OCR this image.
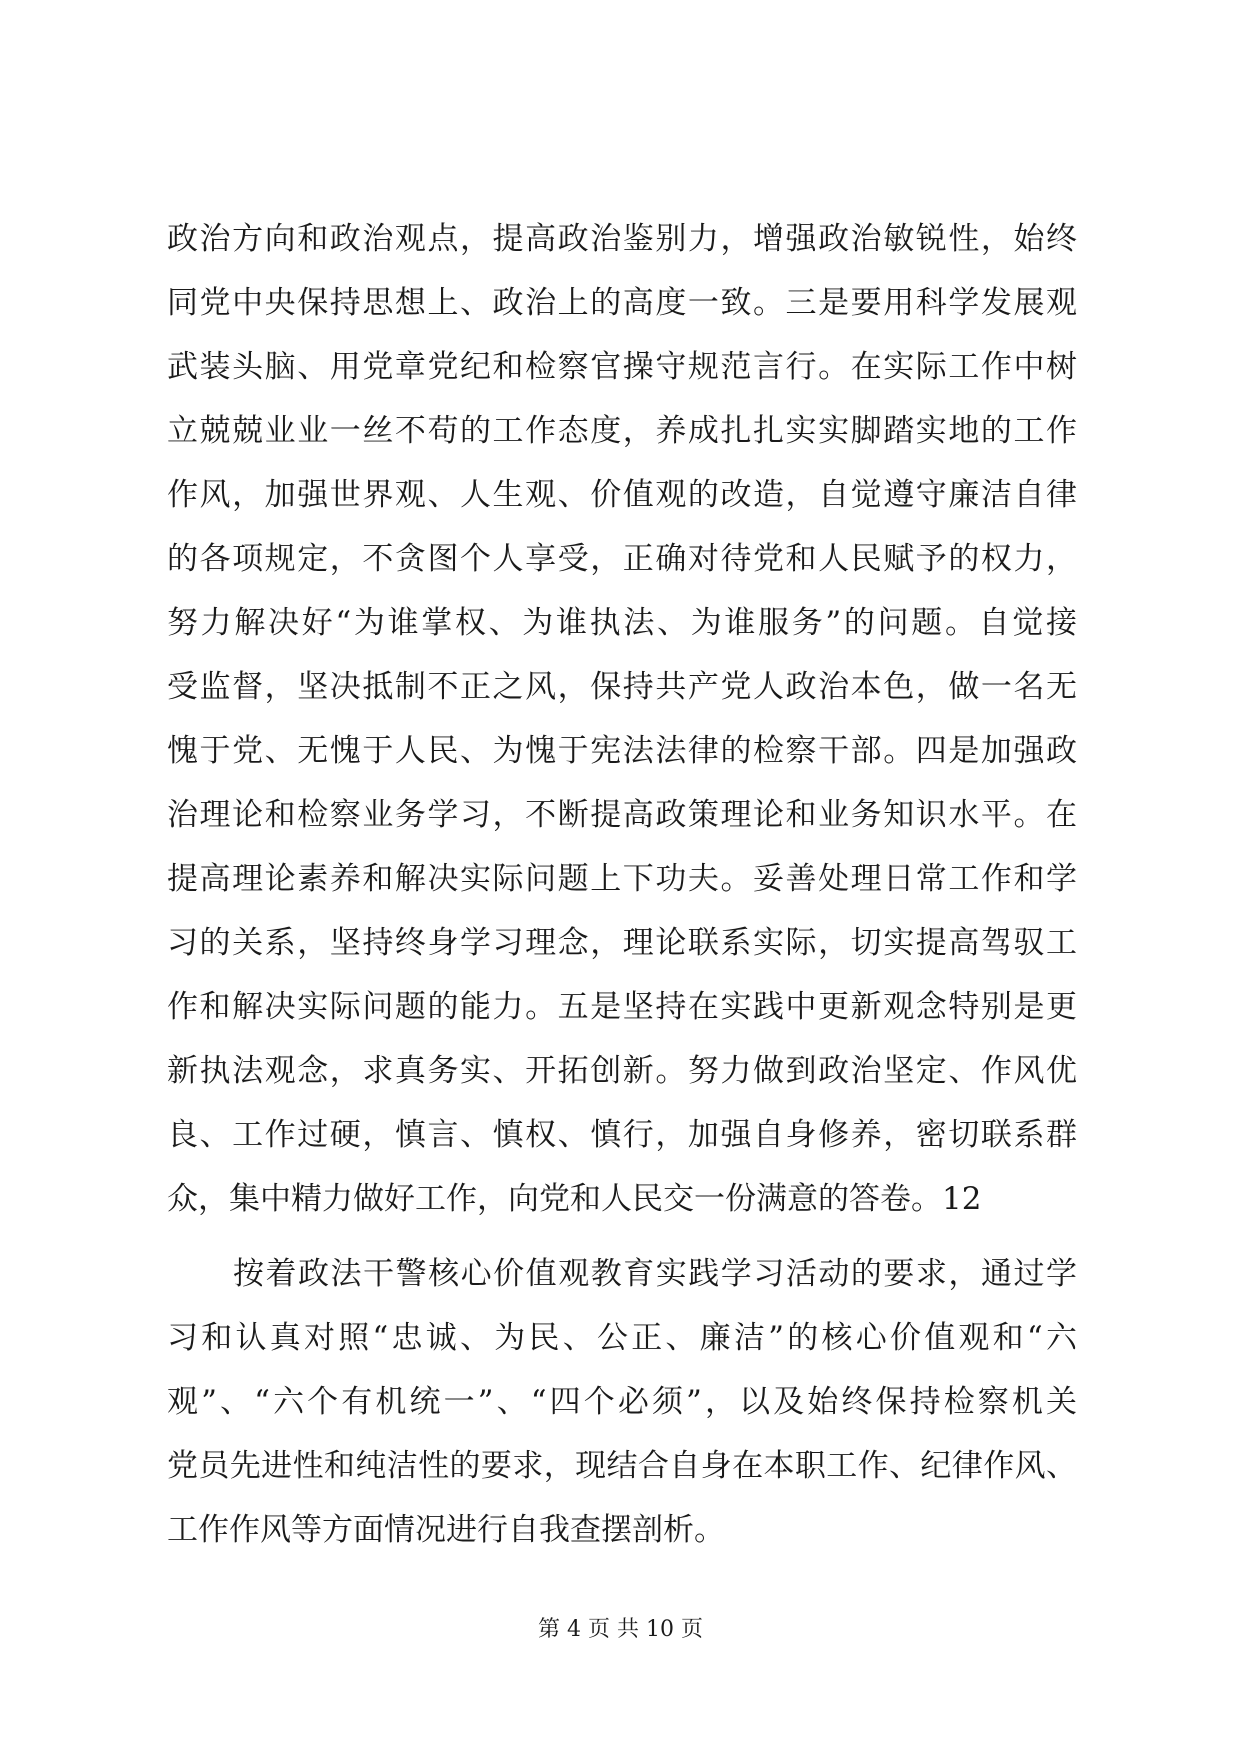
政治方向和政治观点，提高政治鉴别力，增强政治敏锐性，始终
同党中央保持思想上、政治上的高度一致。三是要用科学发展观
武装头脑、用党章党纪和检察官操守规范言行。在实际工作中树
立兢兢业业一丝不苟的工作态度，养成扎扎实实脚踏实地的工作
作风，加强世界观、人生观、价值观的改造，自觉遵守廉洁自律
的各项规定，不贪图个人享受，正确对待党和人民赋予的权力，
努力解决好“为谁掌权、为谁执法、为谁服务”的问题。自觉接
受监督，坚决抵制不正之风，保持共产党人政治本色，做一名无
愧于党、无愧于人民、为愧于宪法法律的检察干部。四是加强政
治理论和检察业务学习，不断提高政策理论和业务知识水平。在
提高理论素养和解决实际问题上下功夫。妥善处理日常工作和学
习的关系，坚持终身学习理念，理论联系实际，切实提高驾驭工
作和解决实际问题的能力。五是坚持在实践中更新观念特别是更
新执法观念，求真务实、开拓创新。努力做到政治坚定、作风优
良、工作过硬，慎言、慎权、慎行，加强自身修养，密切联系群
众，集中精力做好工作，向党和人民交一份满意的答卷。12
按着政法干警核心价值观教育实践学习活动的要求，通过学
习和认真对照“忠诚、为民、公正、廉洁”的核心价值观和“六
观”、“六个有机统一”、“四个必须”，以及始终保持检察机关
党员先进性和纯洁性的要求，现结合自身在本职工作、纪律作风、
工作作风等方面情况进行自我查摆剖析。
第 4 页 共 10 页
